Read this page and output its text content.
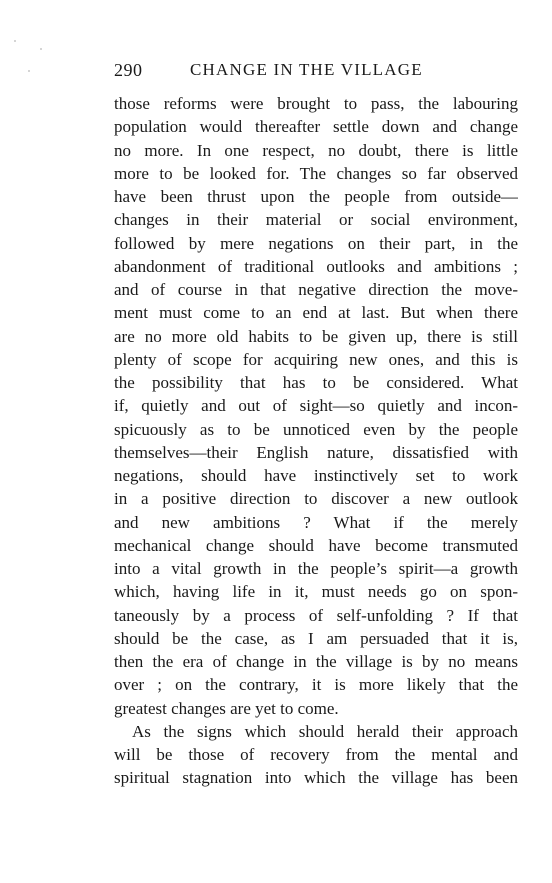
290	CHANGE IN THE VILLAGE
those reforms were brought to pass, the labouring
population would thereafter settle down and change
no more. In one respect, no doubt, there is little
more to be looked for. The changes so far observed
have been thrust upon the people from outside—
changes in their material or social environment,
followed by mere negations on their part, in the
abandonment of traditional outlooks and ambitions ;
and of course in that negative direction the move-
ment must come to an end at last. But when there
are no more old habits to be given up, there is still
plenty of scope for acquiring new ones, and this is
the possibility that has to be considered. What
if, quietly and out of sight—so quietly and incon-
spicuously as to be unnoticed even by the people
themselves—their English nature, dissatisfied with
negations, should have instinctively set to work
in a positive direction to discover a new outlook
and new ambitions ? What if the merely
mechanical change should have become transmuted
into a vital growth in the people’s spirit—a growth
which, having life in it, must needs go on spon-
taneously by a process of self-unfolding ? If that
should be the case, as I am persuaded that it is,
then the era of change in the village is by no means
over ; on the contrary, it is more likely that the
greatest changes are yet to come.
As the signs which should herald their approach
will be those of recovery from the mental and
spiritual stagnation into which the village has been
